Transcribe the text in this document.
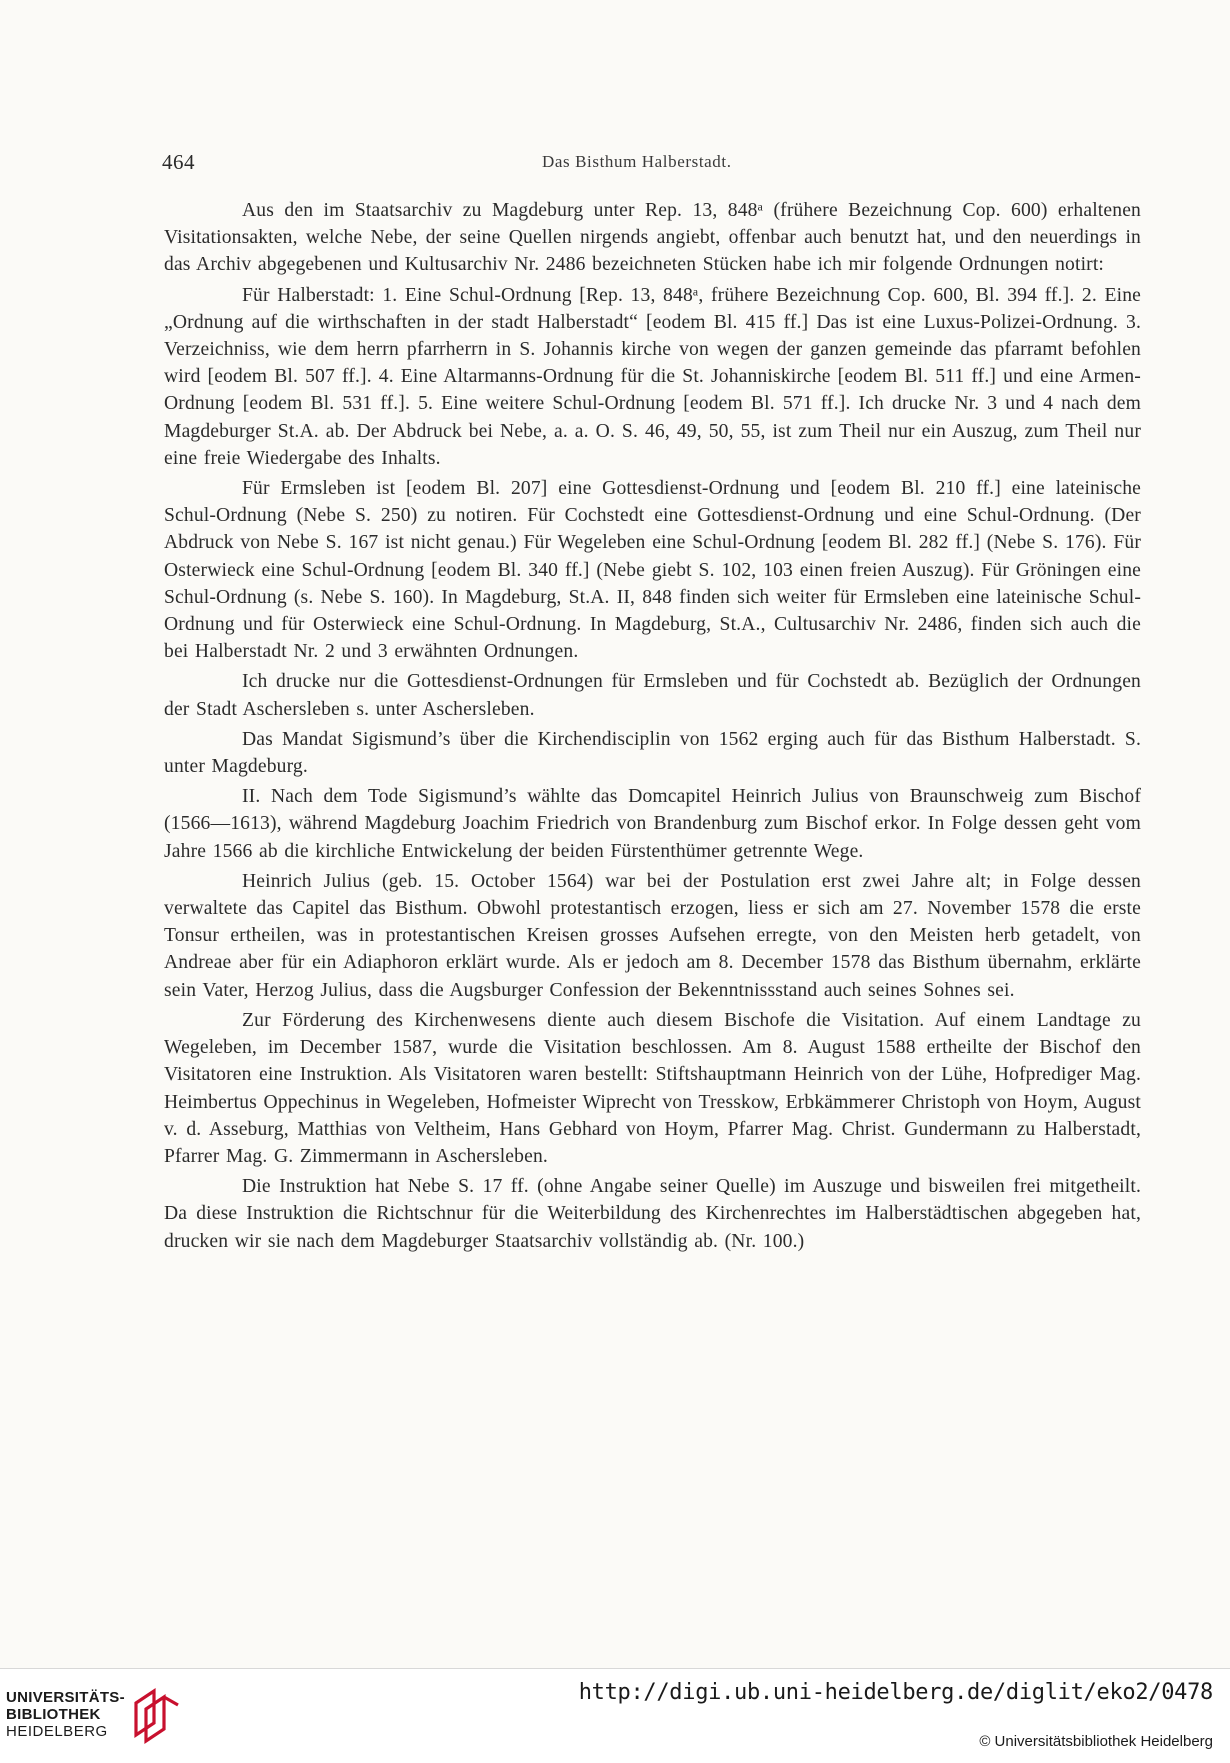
464	Das Bisthum Halberstadt.

Aus den im Staatsarchiv zu Magdeburg unter Rep. 13, 848ᵃ (frühere Bezeichnung Cop. 600) erhaltenen Visitationsakten, welche Nebe, der seine Quellen nirgends angiebt, offenbar auch benutzt hat, und den neuerdings in das Archiv abgegebenen und Kultusarchiv Nr. 2486 bezeichneten Stücken habe ich mir folgende Ordnungen notirt:

Für Halberstadt: 1. Eine Schul-Ordnung [Rep. 13, 848ᵃ, frühere Bezeichnung Cop. 600, Bl. 394 ff.]. 2. Eine „Ordnung auf die wirthschaften in der stadt Halberstadt“ [eodem Bl. 415 ff.] Das ist eine Luxus-Polizei-Ordnung. 3. Verzeichniss, wie dem herrn pfarrherrn in S. Johannis kirche von wegen der ganzen gemeinde das pfarramt befohlen wird [eodem Bl. 507 ff.]. 4. Eine Altarmanns-Ordnung für die St. Johanniskirche [eodem Bl. 511 ff.] und eine Armen-Ordnung [eodem Bl. 531 ff.]. 5. Eine weitere Schul-Ordnung [eodem Bl. 571 ff.]. Ich drucke Nr. 3 und 4 nach dem Magdeburger St.A. ab. Der Abdruck bei Nebe, a. a. O. S. 46, 49, 50, 55, ist zum Theil nur ein Auszug, zum Theil nur eine freie Wiedergabe des Inhalts.

Für Ermsleben ist [eodem Bl. 207] eine Gottesdienst-Ordnung und [eodem Bl. 210 ff.] eine lateinische Schul-Ordnung (Nebe S. 250) zu notiren. Für Cochstedt eine Gottesdienst-Ordnung und eine Schul-Ordnung. (Der Abdruck von Nebe S. 167 ist nicht genau.) Für Wegeleben eine Schul-Ordnung [eodem Bl. 282 ff.] (Nebe S. 176). Für Osterwieck eine Schul-Ordnung [eodem Bl. 340 ff.] (Nebe giebt S. 102, 103 einen freien Auszug). Für Gröningen eine Schul-Ordnung (s. Nebe S. 160). In Magdeburg, St.A. II, 848 finden sich weiter für Ermsleben eine lateinische Schul-Ordnung und für Osterwieck eine Schul-Ordnung. In Magdeburg, St.A., Cultusarchiv Nr. 2486, finden sich auch die bei Halberstadt Nr. 2 und 3 erwähnten Ordnungen.

Ich drucke nur die Gottesdienst-Ordnungen für Ermsleben und für Cochstedt ab. Bezüglich der Ordnungen der Stadt Aschersleben s. unter Aschersleben.

Das Mandat Sigismund’s über die Kirchendisciplin von 1562 erging auch für das Bisthum Halberstadt. S. unter Magdeburg.

II. Nach dem Tode Sigismund’s wählte das Domcapitel Heinrich Julius von Braunschweig zum Bischof (1566—1613), während Magdeburg Joachim Friedrich von Brandenburg zum Bischof erkor. In Folge dessen geht vom Jahre 1566 ab die kirchliche Entwickelung der beiden Fürstenthümer getrennte Wege.

Heinrich Julius (geb. 15. October 1564) war bei der Postulation erst zwei Jahre alt; in Folge dessen verwaltete das Capitel das Bisthum. Obwohl protestantisch erzogen, liess er sich am 27. November 1578 die erste Tonsur ertheilen, was in protestantischen Kreisen grosses Aufsehen erregte, von den Meisten herb getadelt, von Andreae aber für ein Adiaphoron erklärt wurde. Als er jedoch am 8. December 1578 das Bisthum übernahm, erklärte sein Vater, Herzog Julius, dass die Augsburger Confession der Bekenntnissstand auch seines Sohnes sei.

Zur Förderung des Kirchenwesens diente auch diesem Bischofe die Visitation. Auf einem Landtage zu Wegeleben, im December 1587, wurde die Visitation beschlossen. Am 8. August 1588 ertheilte der Bischof den Visitatoren eine Instruktion. Als Visitatoren waren bestellt: Stiftshauptmann Heinrich von der Lühe, Hofprediger Mag. Heimbertus Oppechinus in Wegeleben, Hofmeister Wiprecht von Tresskow, Erbkämmerer Christoph von Hoym, August v. d. Asseburg, Matthias von Veltheim, Hans Gebhard von Hoym, Pfarrer Mag. Christ. Gundermann zu Halberstadt, Pfarrer Mag. G. Zimmermann in Aschersleben.

Die Instruktion hat Nebe S. 17 ff. (ohne Angabe seiner Quelle) im Auszuge und bisweilen frei mitgetheilt. Da diese Instruktion die Richtschnur für die Weiterbildung des Kirchenrechtes im Halberstädtischen abgegeben hat, drucken wir sie nach dem Magdeburger Staatsarchiv vollständig ab. (Nr. 100.)

UNIVERSITÄTS-
BIBLIOTHEK
HEIDELBERG
http://digi.ub.uni-heidelberg.de/diglit/eko2/0478
© Universitätsbibliothek Heidelberg
